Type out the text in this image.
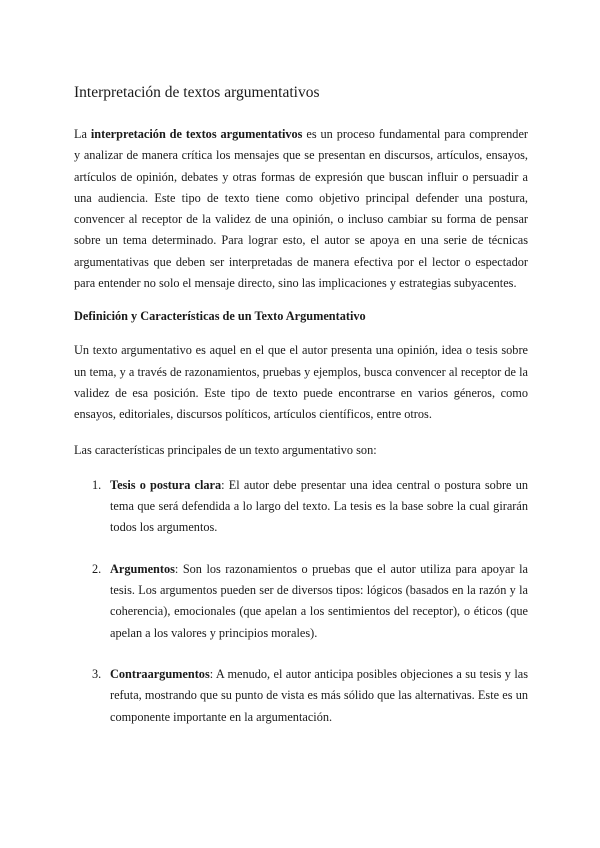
Interpretación de textos argumentativos

La interpretación de textos argumentativos es un proceso fundamental para comprender y analizar de manera crítica los mensajes que se presentan en discursos, artículos, ensayos, artículos de opinión, debates y otras formas de expresión que buscan influir o persuadir a una audiencia. Este tipo de texto tiene como objetivo principal defender una postura, convencer al receptor de la validez de una opinión, o incluso cambiar su forma de pensar sobre un tema determinado. Para lograr esto, el autor se apoya en una serie de técnicas argumentativas que deben ser interpretadas de manera efectiva por el lector o espectador para entender no solo el mensaje directo, sino las implicaciones y estrategias subyacentes.

Definición y Características de un Texto Argumentativo

Un texto argumentativo es aquel en el que el autor presenta una opinión, idea o tesis sobre un tema, y a través de razonamientos, pruebas y ejemplos, busca convencer al receptor de la validez de esa posición. Este tipo de texto puede encontrarse en varios géneros, como ensayos, editoriales, discursos políticos, artículos científicos, entre otros.

Las características principales de un texto argumentativo son:

1. Tesis o postura clara: El autor debe presentar una idea central o postura sobre un tema que será defendida a lo largo del texto. La tesis es la base sobre la cual girarán todos los argumentos.

2. Argumentos: Son los razonamientos o pruebas que el autor utiliza para apoyar la tesis. Los argumentos pueden ser de diversos tipos: lógicos (basados en la razón y la coherencia), emocionales (que apelan a los sentimientos del receptor), o éticos (que apelan a los valores y principios morales).

3. Contraargumentos: A menudo, el autor anticipa posibles objeciones a su tesis y las refuta, mostrando que su punto de vista es más sólido que las alternativas. Este es un componente importante en la argumentación.
